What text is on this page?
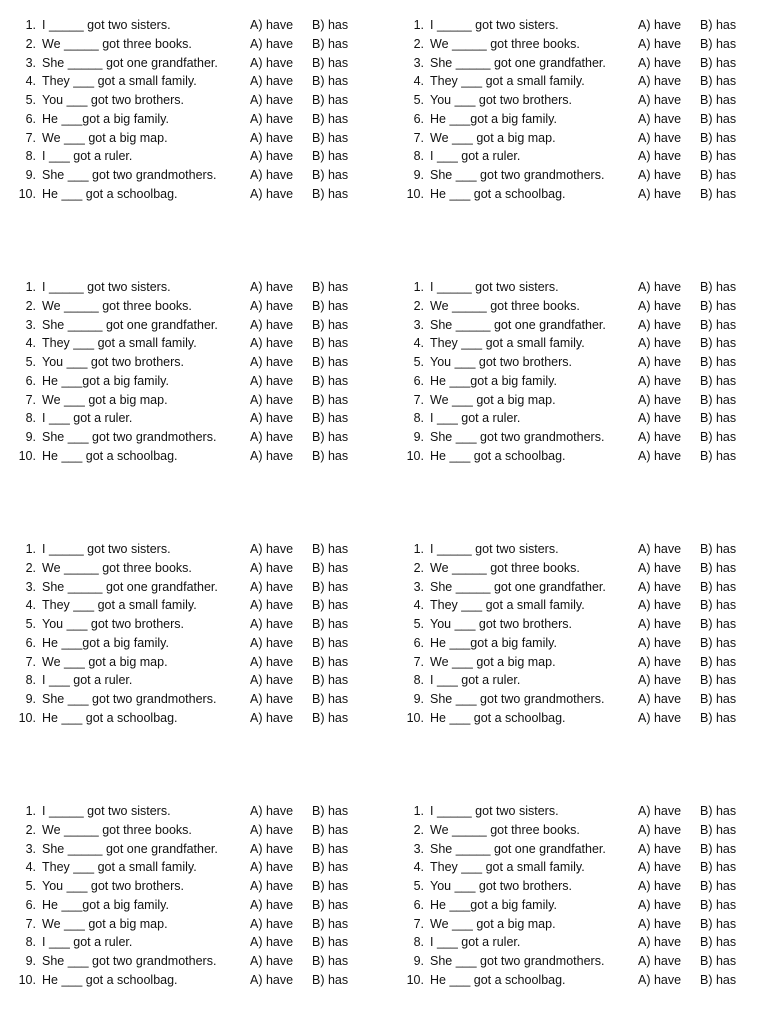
1. I _____ got two sisters.	A) have B) has
2. We _____ got three books.	A) have B) has
3. She _____ got one grandfather.	A) have B) has
4. They ___ got a small family.	A) have B) has
5. You ___ got two brothers.	A) have B) has
6. He ___got a big family.	A) have B) has
7. We ___ got a big map.	A) have B) has
8. I ___ got a ruler.	A) have B) has
9. She ___ got two grandmothers.	A) have B) has
10. He ___ got a schoolbag.	A) have B) has
1. I _____ got two sisters.	A) have B) has
2. We _____ got three books.	A) have B) has
3. She _____ got one grandfather.	A) have B) has
4. They ___ got a small family.	A) have B) has
5. You ___ got two brothers.	A) have B) has
6. He ___got a big family.	A) have B) has
7. We ___ got a big map.	A) have B) has
8. I ___ got a ruler.	A) have B) has
9. She ___ got two grandmothers.	A) have B) has
10. He ___ got a schoolbag.	A) have B) has
1. I _____ got two sisters.	A) have B) has
2. We _____ got three books.	A) have B) has
3. She _____ got one grandfather.	A) have B) has
4. They ___ got a small family.	A) have B) has
5. You ___ got two brothers.	A) have B) has
6. He ___got a big family.	A) have B) has
7. We ___ got a big map.	A) have B) has
8. I ___ got a ruler.	A) have B) has
9. She ___ got two grandmothers.	A) have B) has
10. He ___ got a schoolbag.	A) have B) has
1. I _____ got two sisters.	A) have B) has
2. We _____ got three books.	A) have B) has
3. She _____ got one grandfather.	A) have B) has
4. They ___ got a small family.	A) have B) has
5. You ___ got two brothers.	A) have B) has
6. He ___got a big family.	A) have B) has
7. We ___ got a big map.	A) have B) has
8. I ___ got a ruler.	A) have B) has
9. She ___ got two grandmothers.	A) have B) has
10. He ___ got a schoolbag.	A) have B) has
1. I _____ got two sisters.	A) have B) has
2. We _____ got three books.	A) have B) has
3. She _____ got one grandfather.	A) have B) has
4. They ___ got a small family.	A) have B) has
5. You ___ got two brothers.	A) have B) has
6. He ___got a big family.	A) have B) has
7. We ___ got a big map.	A) have B) has
8. I ___ got a ruler.	A) have B) has
9. She ___ got two grandmothers.	A) have B) has
10. He ___ got a schoolbag.	A) have B) has
1. I _____ got two sisters.	A) have B) has
2. We _____ got three books.	A) have B) has
3. She _____ got one grandfather.	A) have B) has
4. They ___ got a small family.	A) have B) has
5. You ___ got two brothers.	A) have B) has
6. He ___got a big family.	A) have B) has
7. We ___ got a big map.	A) have B) has
8. I ___ got a ruler.	A) have B) has
9. She ___ got two grandmothers.	A) have B) has
10. He ___ got a schoolbag.	A) have B) has
1. I _____ got two sisters.	A) have B) has
2. We _____ got three books.	A) have B) has
3. She _____ got one grandfather.	A) have B) has
4. They ___ got a small family.	A) have B) has
5. You ___ got two brothers.	A) have B) has
6. He ___got a big family.	A) have B) has
7. We ___ got a big map.	A) have B) has
8. I ___ got a ruler.	A) have B) has
9. She ___ got two grandmothers.	A) have B) has
10. He ___ got a schoolbag.	A) have B) has
1. I _____ got two sisters.	A) have B) has
2. We _____ got three books.	A) have B) has
3. She _____ got one grandfather.	A) have B) has
4. They ___ got a small family.	A) have B) has
5. You ___ got two brothers.	A) have B) has
6. He ___got a big family.	A) have B) has
7. We ___ got a big map.	A) have B) has
8. I ___ got a ruler.	A) have B) has
9. She ___ got two grandmothers.	A) have B) has
10. He ___ got a schoolbag.	A) have B) has
